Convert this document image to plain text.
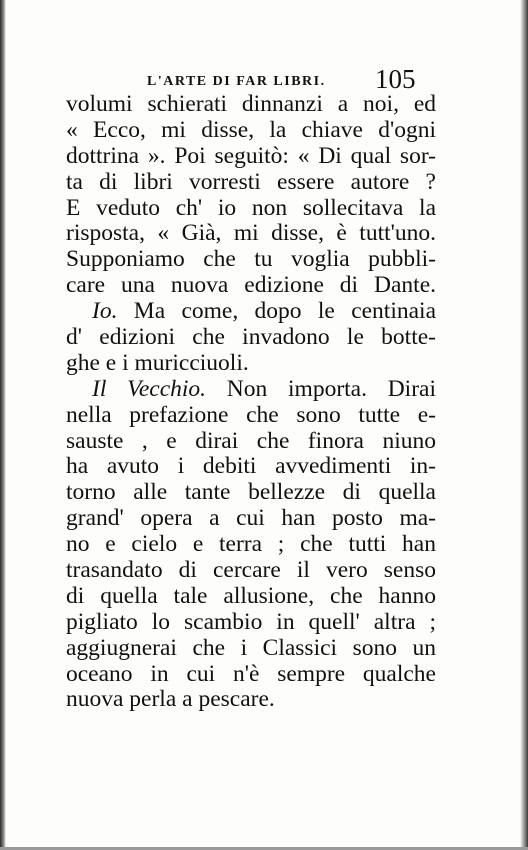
L'ARTE DI FAR LIBRI. 105
volumi schierati dinnanzi a noi, ed
« Ecco, mi disse, la chiave d'ogni
dottrina ». Poi seguitò: « Di qual sor-
ta di libri vorresti essere autore ?
E veduto ch' io non sollecitava la
risposta, « Già, mi disse, è tutt'uno.
Supponiamo che tu voglia pubbli-
care una nuova edizione di Dante.
Io. Ma come, dopo le centinaia
d' edizioni che invadono le botte-
ghe e i muricciuoli.
Il Vecchio. Non importa. Dirai
nella prefazione che sono tutte e-
sauste , e dirai che finora niuno
ha avuto i debiti avvedimenti in-
torno alle tante bellezze di quella
grand' opera a cui han posto ma-
no e cielo e terra ; che tutti han
trasandato di cercare il vero senso
di quella tale allusione, che hanno
pigliato lo scambio in quell' altra ;
aggiugnerai che i Classici sono un
oceano in cui n'è sempre qualche
nuova perla a pescare.
